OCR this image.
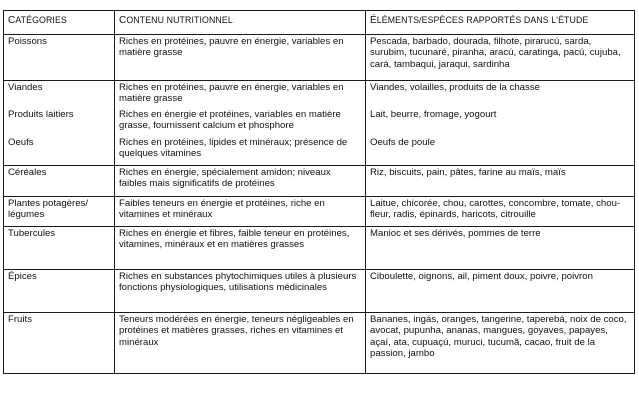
CATÉGORIES	CONTENU NUTRITIONNEL	ÉLÉMENTS/ESPÈCES RAPPORTÉS DANS L'ÉTUDE
Poissons	Riches en protéines, pauvre en énergie, variables en matière grasse	Pescada, barbado, dourada, filhote, pirarucú, sarda, surubim, tucunaré, piranha, aracú, caratinga, pacú, cujuba, cará, tambaqui, jaraqui, sardinha
Viandes	Riches en protéines, pauvre en énergie, variables en matière grasse	Viandes, volailles, produits de la chasse
Produits laitiers	Riches en énergie et protéines, variables en matière grasse, fournissent calcium et phosphore	Lait, beurre, fromage, yogourt
Oeufs	Riches en protéines, lipides et minéraux; présence de quelques vitamines	Oeufs de poule
Céréales	Riches en énergie, spécialement amidon; niveaux faibles mais significatifs de protéines	Riz, biscuits, pain, pâtes, farine au maïs, maïs
Plantes potagères/ légumes	Faibles teneurs en énergie et protéines, riche en vitamines et minéraux	Laitue, chicorée, chou, carottes, concombre, tomate, chou-fleur, radis, épinards, haricots, citrouille
Tubercules	Riches en énergie et fibres, faible teneur en protéines, vitamines, minéraux et en matières grasses	Manioc et ses dérivés, pommes de terre
Épices	Riches en substances phytochimiques utiles à plusieurs fonctions physiologiques, utilisations médicinales	Ciboulette, oignons, ail, piment doux, poivre, poivron
Fruits	Teneurs modérées en énergie, teneurs négligeables en protéines et matières grasses, riches en vitamines et minéraux	Bananes, ingás, oranges, tangerine, taperebá, noix de coco, avocat, pupunha, ananas, mangues, goyaves, papayes, açaí, ata, cupuaçú, muruci, tucumã, cacao, fruit de la passion, jambo
